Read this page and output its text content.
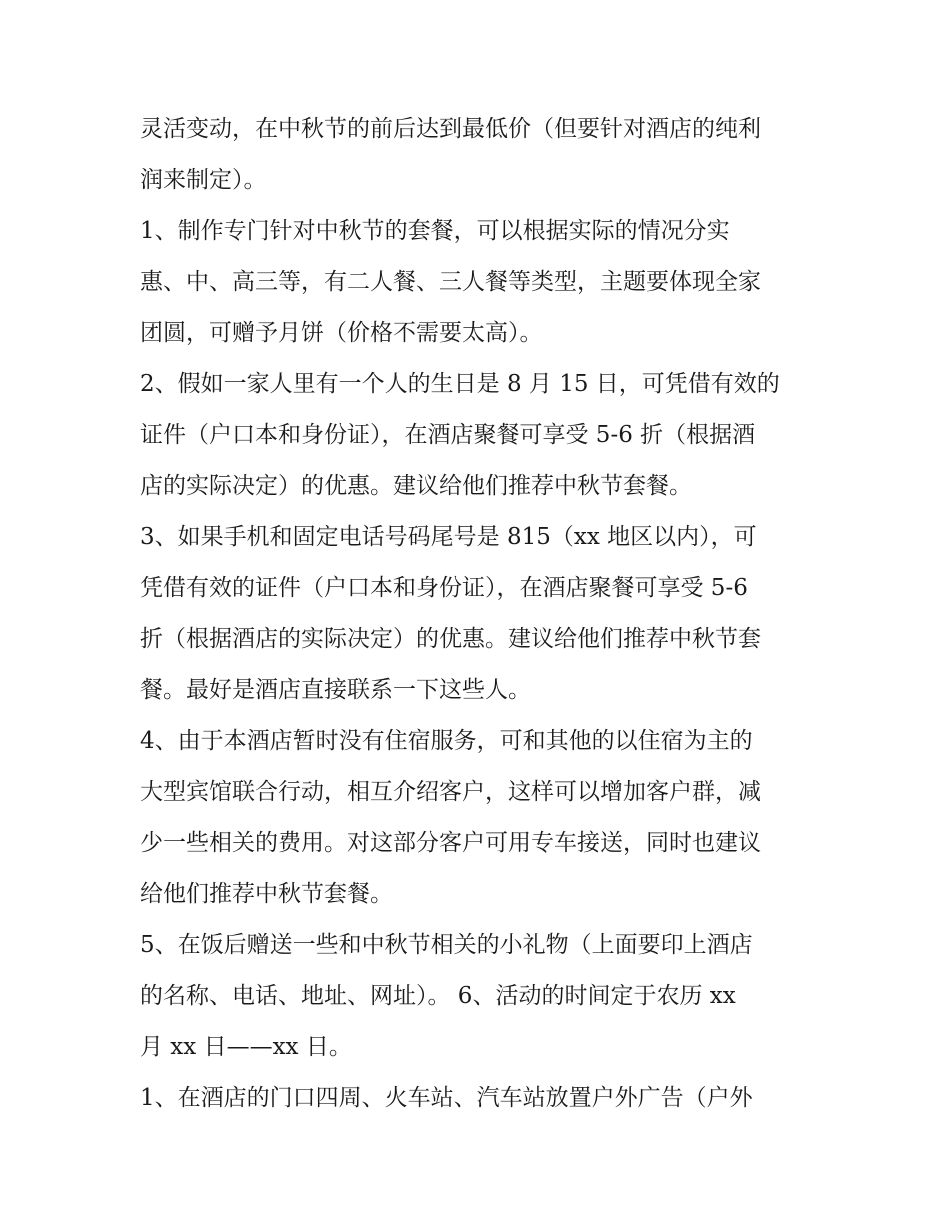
灵活变动，在中秋节的前后达到最低价（但要针对酒店的纯利
润来制定）。
1、制作专门针对中秋节的套餐，可以根据实际的情况分实
惠、中、高三等，有二人餐、三人餐等类型，主题要体现全家
团圆，可赠予月饼（价格不需要太高）。
2、假如一家人里有一个人的生日是 8 月 15 日，可凭借有效的
证件（户口本和身份证），在酒店聚餐可享受 5-6 折（根据酒
店的实际决定）的优惠。建议给他们推荐中秋节套餐。
3、如果手机和固定电话号码尾号是 815（xx 地区以内），可
凭借有效的证件（户口本和身份证），在酒店聚餐可享受 5-6
折（根据酒店的实际决定）的优惠。建议给他们推荐中秋节套
餐。最好是酒店直接联系一下这些人。
4、由于本酒店暂时没有住宿服务，可和其他的以住宿为主的
大型宾馆联合行动，相互介绍客户，这样可以增加客户群，减
少一些相关的费用。对这部分客户可用专车接送，同时也建议
给他们推荐中秋节套餐。
5、在饭后赠送一些和中秋节相关的小礼物（上面要印上酒店
的名称、电话、地址、网址）。 6、活动的时间定于农历 xx
月 xx 日——xx 日。
1、在酒店的门口四周、火车站、汽车站放置户外广告（户外
